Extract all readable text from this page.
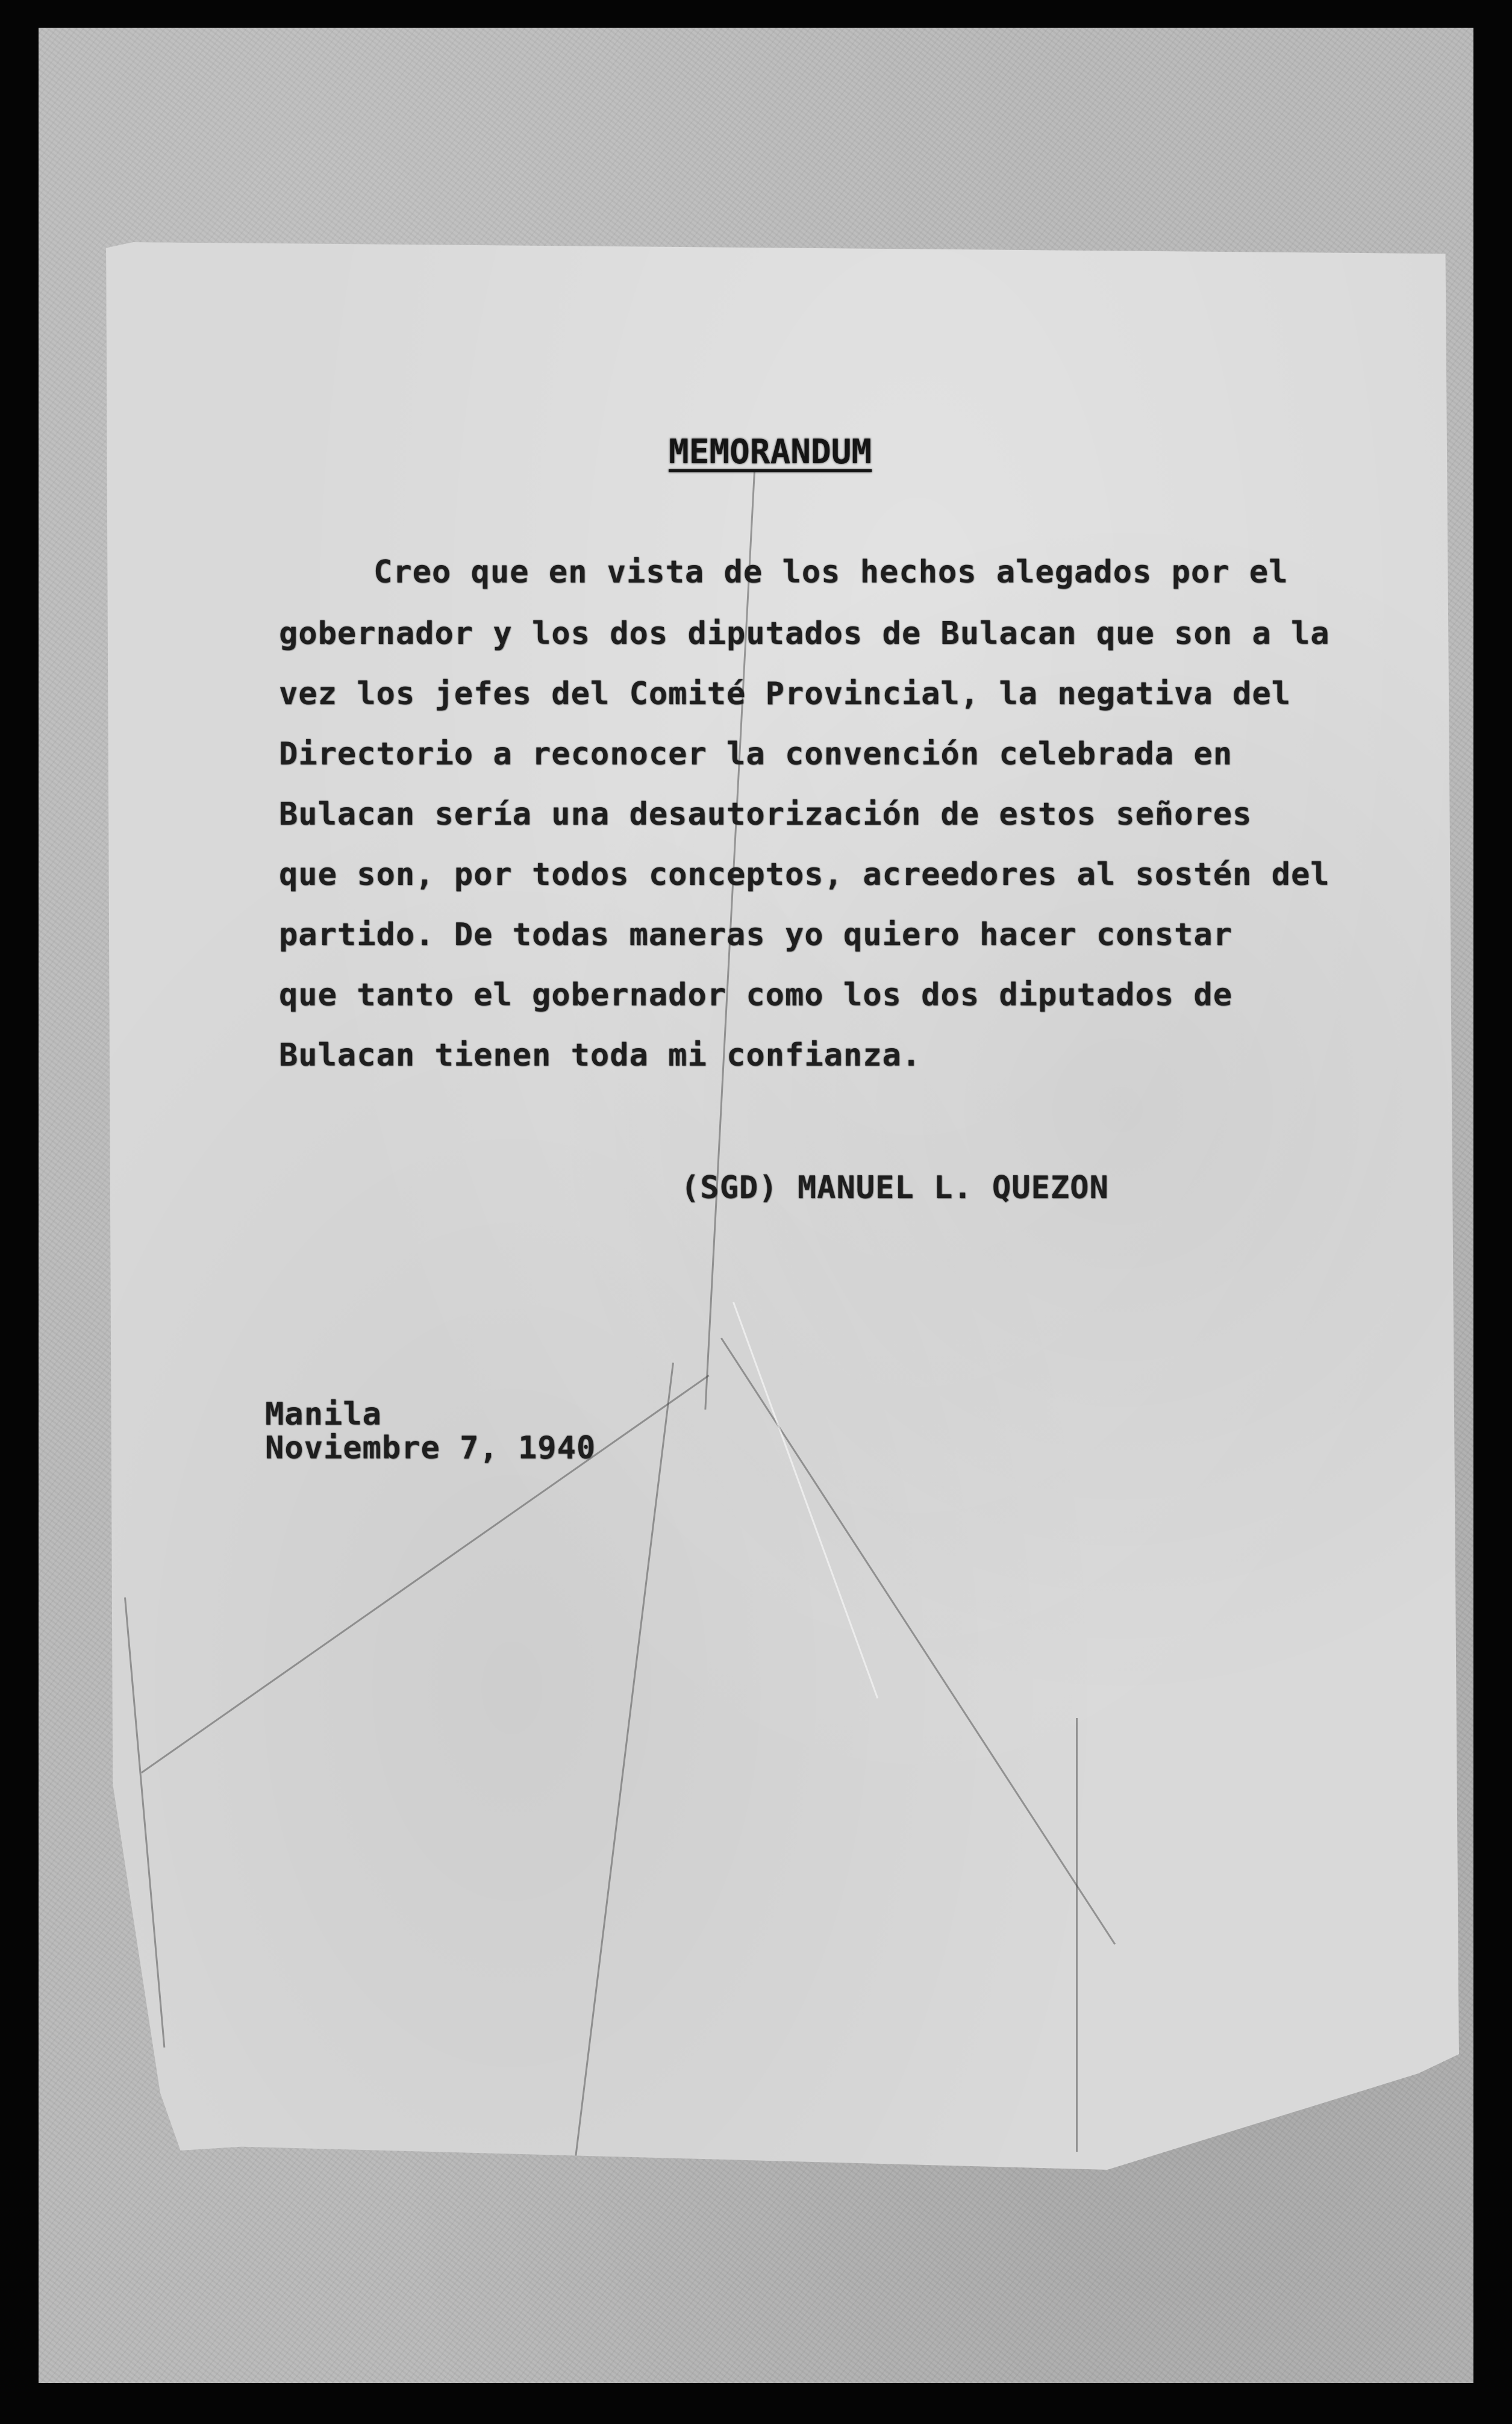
MEMORANDUM
Creo que en vista de los hechos alegados por el
gobernador y los dos diputados de Bulacan que son a la
vez los jefes del Comité Provincial, la negativa del
Directorio a reconocer la convención celebrada en
Bulacan sería una desautorización de estos señores
que son, por todos conceptos, acreedores al sostén del
partido. De todas maneras yo quiero hacer constar
que tanto el gobernador como los dos diputados de
Bulacan tienen toda mi confianza.
(SGD) MANUEL L. QUEZON
Manila
Noviembre 7, 1940
